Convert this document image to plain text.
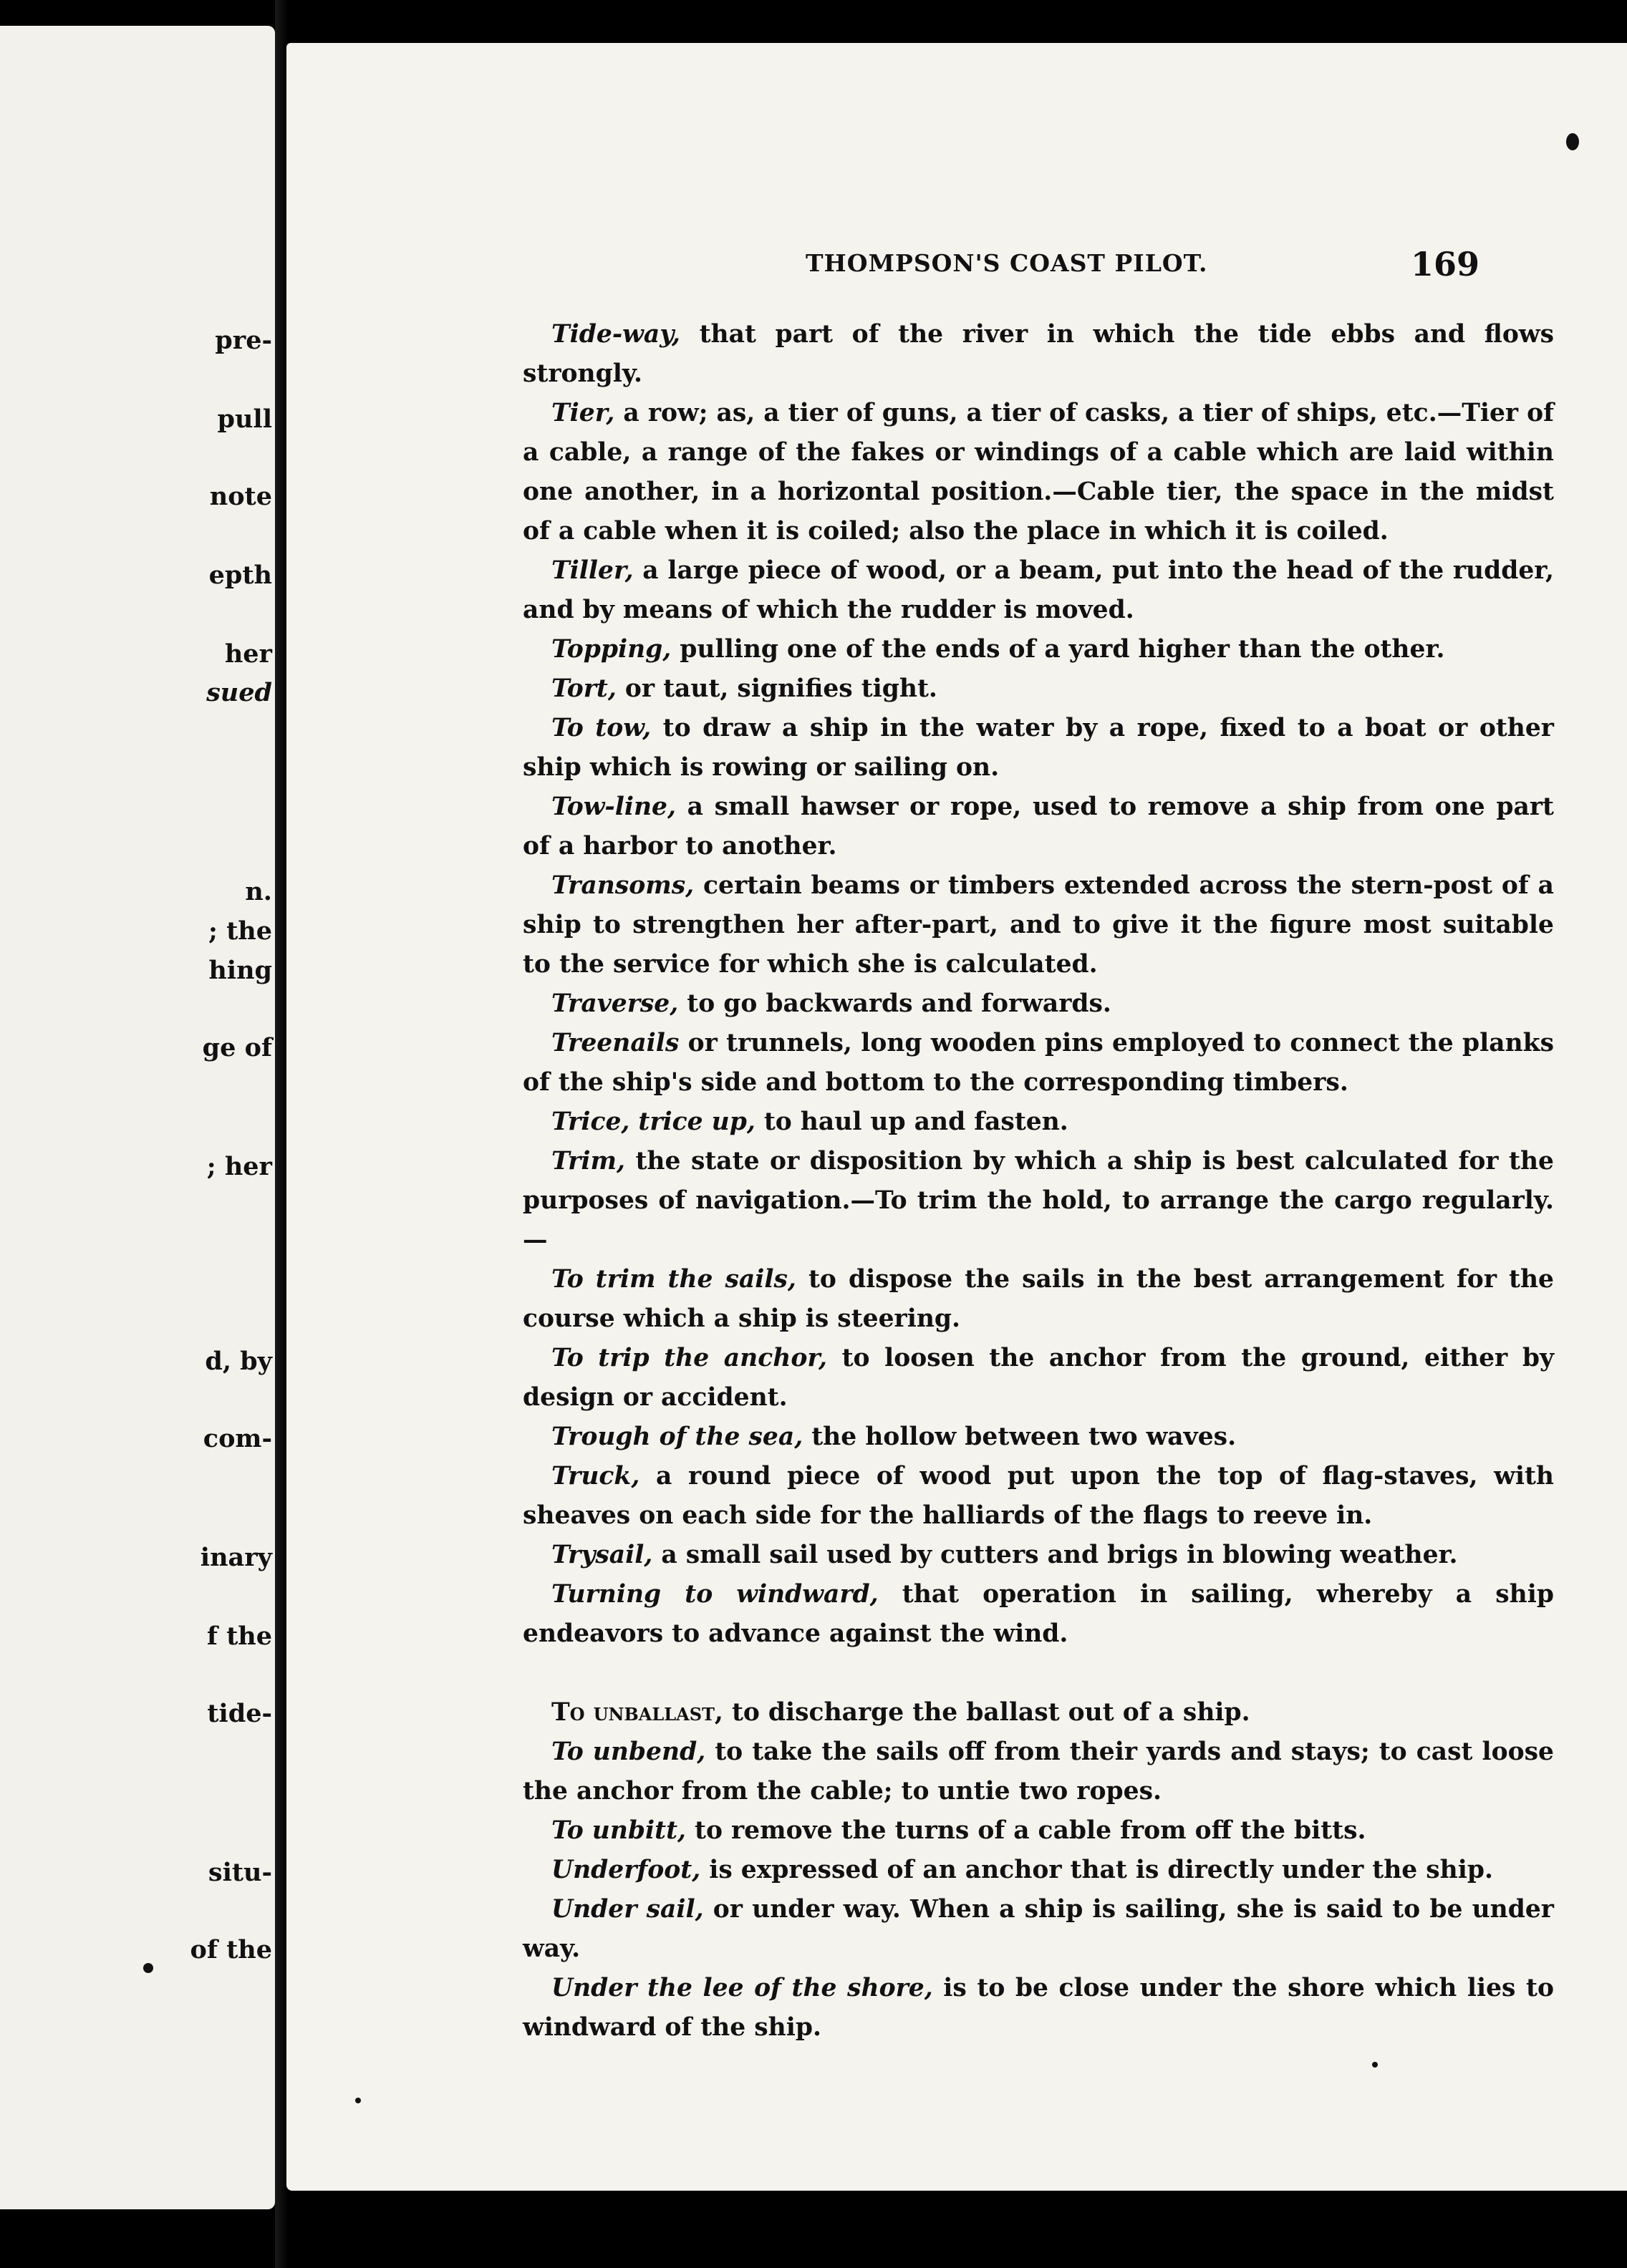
pre-
pull
note
epth
her
sued
n.
; the
hing
ge of
; her
d, by
com-
inary
f the
tide-
situ-
of the
THOMPSON'S COAST PILOT.	169

Tide-way, that part of the river in which the tide ebbs and flows strongly.

Tier, a row; as, a tier of guns, a tier of casks, a tier of ships, etc.—Tier of a cable, a range of the fakes or windings of a cable which are laid within one another, in a horizontal position.—Cable tier, the space in the midst of a cable when it is coiled; also the place in which it is coiled.

Tiller, a large piece of wood, or a beam, put into the head of the rudder, and by means of which the rudder is moved.

Topping, pulling one of the ends of a yard higher than the other.

Tort, or taut, signifies tight.

To tow, to draw a ship in the water by a rope, fixed to a boat or other ship which is rowing or sailing on.

Tow-line, a small hawser or rope, used to remove a ship from one part of a harbor to another.

Transoms, certain beams or timbers extended across the stern-post of a ship to strengthen her after-part, and to give it the figure most suitable to the service for which she is calculated.

Traverse, to go backwards and forwards.

Treenails or trunnels, long wooden pins employed to connect the planks of the ship's side and bottom to the corresponding timbers.

Trice, trice up, to haul up and fasten.

Trim, the state or disposition by which a ship is best calculated for the purposes of navigation.—To trim the hold, to arrange the cargo regularly.—

To trim the sails, to dispose the sails in the best arrangement for the course which a ship is steering.

To trip the anchor, to loosen the anchor from the ground, either by design or accident.

Trough of the sea, the hollow between two waves.

Truck, a round piece of wood put upon the top of flag-staves, with sheaves on each side for the halliards of the flags to reeve in.

Trysail, a small sail used by cutters and brigs in blowing weather.

Turning to windward, that operation in sailing, whereby a ship endeavors to advance against the wind.

To unballast, to discharge the ballast out of a ship.

To unbend, to take the sails off from their yards and stays; to cast loose the anchor from the cable; to untie two ropes.

To unbitt, to remove the turns of a cable from off the bitts.

Underfoot, is expressed of an anchor that is directly under the ship.

Under sail, or under way. When a ship is sailing, she is said to be under way.

Under the lee of the shore, is to be close under the shore which lies to windward of the ship.
